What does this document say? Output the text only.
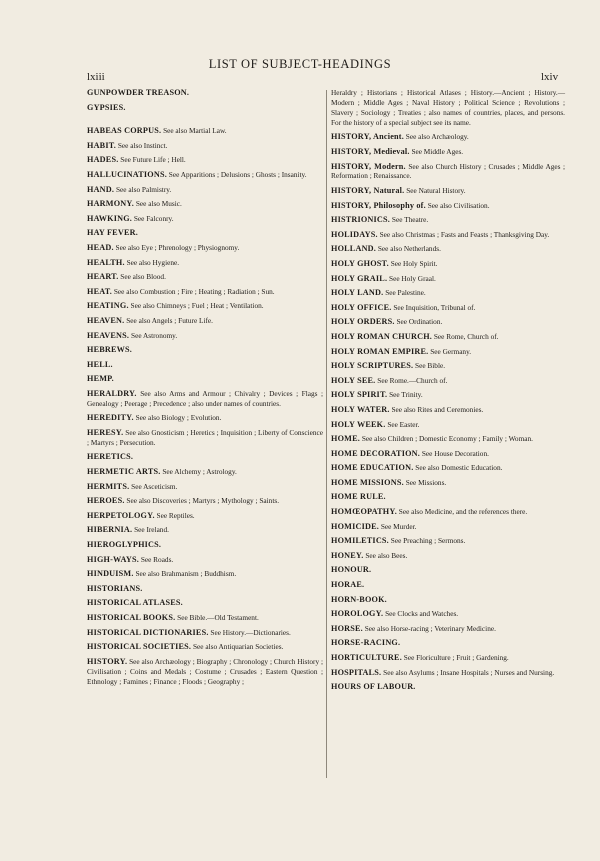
LIST OF SUBJECT-HEADINGS
lxiii	lxiv
GUNPOWDER TREASON.
GYPSIES.
HABEAS CORPUS. See also Martial Law.
HABIT. See also Instinct.
HADES. See Future Life ; Hell.
HALLUCINATIONS. See Apparitions ; Delusions ; Ghosts ; Insanity.
HAND. See also Palmistry.
HARMONY. See also Music.
HAWKING. See Falconry.
HAY FEVER.
HEAD. See also Eye ; Phrenology ; Physiognomy.
HEALTH. See also Hygiene.
HEART. See also Blood.
HEAT. See also Combustion ; Fire ; Heating ; Radiation ; Sun.
HEATING. See also Chimneys ; Fuel ; Heat ; Ventilation.
HEAVEN. See also Angels ; Future Life.
HEAVENS. See Astronomy.
HEBREWS.
HELL.
HEMP.
HERALDRY. See also Arms and Armour ; Chivalry ; Devices ; Flags ; Genealogy ; Peerage ; Precedence ; also under names of countries.
HEREDITY. See also Biology ; Evolution.
HERESY. See also Gnosticism ; Heretics ; Inquisition ; Liberty of Conscience ; Martyrs ; Persecution.
HERETICS.
HERMETIC ARTS. See Alchemy ; Astrology.
HERMITS. See Asceticism.
HEROES. See also Discoveries ; Martyrs ; Mythology ; Saints.
HERPETOLOGY. See Reptiles.
HIBERNIA. See Ireland.
HIEROGLYPHICS.
HIGH-WAYS. See Roads.
HINDUISM. See also Brahmanism ; Buddhism.
HISTORIANS.
HISTORICAL ATLASES.
HISTORICAL BOOKS. See Bible.—Old Testament.
HISTORICAL DICTIONARIES. See History.—Dictionaries.
HISTORICAL SOCIETIES. See also Antiquarian Societies.
HISTORY. See also Archæology ; Biography ; Chronology ; Church History ; Civilisation ; Coins and Medals ; Costume ; Crusades ; Eastern Question ; Ethnology ; Famines ; Finance ; Floods ; Geography ;
Heraldry ; Historians ; Historical Atlases ; History.—Ancient ; History.—Modern ; Middle Ages ; Naval History ; Political Science ; Revolutions ; Slavery ; Sociology ; Treaties ; also names of countries, places, and persons. For the history of a special subject see its name.
HISTORY, Ancient. See also Archæology.
HISTORY, Medieval. See Middle Ages.
HISTORY, Modern. See also Church History ; Crusades ; Middle Ages ; Reformation ; Renaissance.
HISTORY, Natural. See Natural History.
HISTORY, Philosophy of. See also Civilisation.
HISTRIONICS. See Theatre.
HOLIDAYS. See also Christmas ; Fasts and Feasts ; Thanksgiving Day.
HOLLAND. See also Netherlands.
HOLY GHOST. See Holy Spirit.
HOLY GRAIL. See Holy Graal.
HOLY LAND. See Palestine.
HOLY OFFICE. See Inquisition, Tribunal of.
HOLY ORDERS. See Ordination.
HOLY ROMAN CHURCH. See Rome, Church of.
HOLY ROMAN EMPIRE. See Germany.
HOLY SCRIPTURES. See Bible.
HOLY SEE. See Rome.—Church of.
HOLY SPIRIT. See Trinity.
HOLY WATER. See also Rites and Ceremonies.
HOLY WEEK. See Easter.
HOME. See also Children ; Domestic Economy ; Family ; Woman.
HOME DECORATION. See House Decoration.
HOME EDUCATION. See also Domestic Education.
HOME MISSIONS. See Missions.
HOME RULE.
HOMŒOPATHY. See also Medicine, and the references there.
HOMICIDE. See Murder.
HOMILETICS. See Preaching ; Sermons.
HONEY. See also Bees.
HONOUR.
HORAE.
HORN-BOOK.
HOROLOGY. See Clocks and Watches.
HORSE. See also Horse-racing ; Veterinary Medicine.
HORSE-RACING.
HORTICULTURE. See Floriculture ; Fruit ; Gardening.
HOSPITALS. See also Asylums ; Insane Hospitals ; Nurses and Nursing.
HOURS OF LABOUR.
